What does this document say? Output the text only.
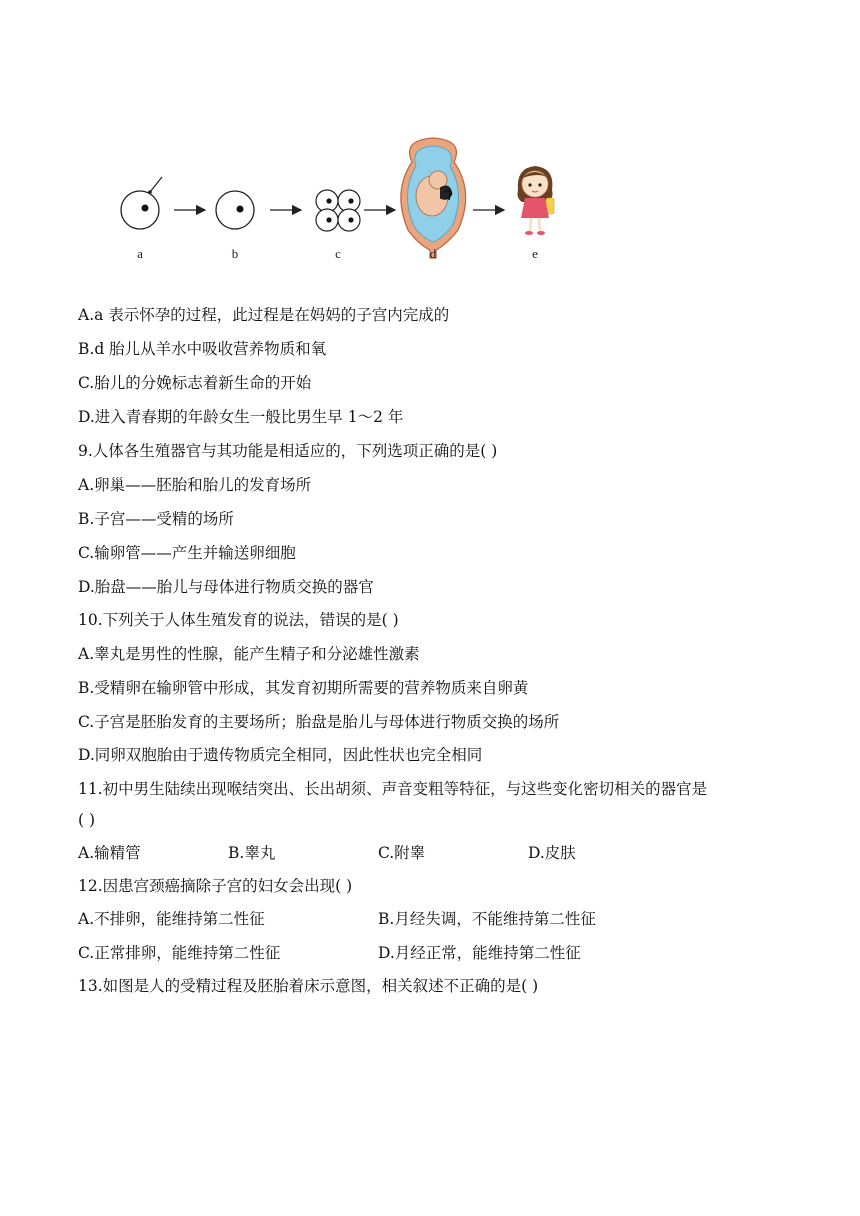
a	b	c	d	e
A.a 表示怀孕的过程，此过程是在妈妈的子宫内完成的
B.d 胎儿从羊水中吸收营养物质和氧
C.胎儿的分娩标志着新生命的开始
D.进入青春期的年龄女生一般比男生早 1～2 年
9.人体各生殖器官与其功能是相适应的，下列选项正确的是( )
A.卵巢——胚胎和胎儿的发育场所
B.子宫——受精的场所
C.输卵管——产生并输送卵细胞
D.胎盘——胎儿与母体进行物质交换的器官
10.下列关于人体生殖发育的说法，错误的是( )
A.睾丸是男性的性腺，能产生精子和分泌雄性激素
B.受精卵在输卵管中形成，其发育初期所需要的营养物质来自卵黄
C.子宫是胚胎发育的主要场所；胎盘是胎儿与母体进行物质交换的场所
D.同卵双胞胎由于遗传物质完全相同，因此性状也完全相同
11.初中男生陆续出现喉结突出、长出胡须、声音变粗等特征，与这些变化密切相关的器官是
( )
A.输精管	B.睾丸	C.附睾	D.皮肤
12.因患宫颈癌摘除子宫的妇女会出现( )
A.不排卵，能维持第二性征	B.月经失调，不能维持第二性征
C.正常排卵，能维持第二性征	D.月经正常，能维持第二性征
13.如图是人的受精过程及胚胎着床示意图，相关叙述不正确的是( )
